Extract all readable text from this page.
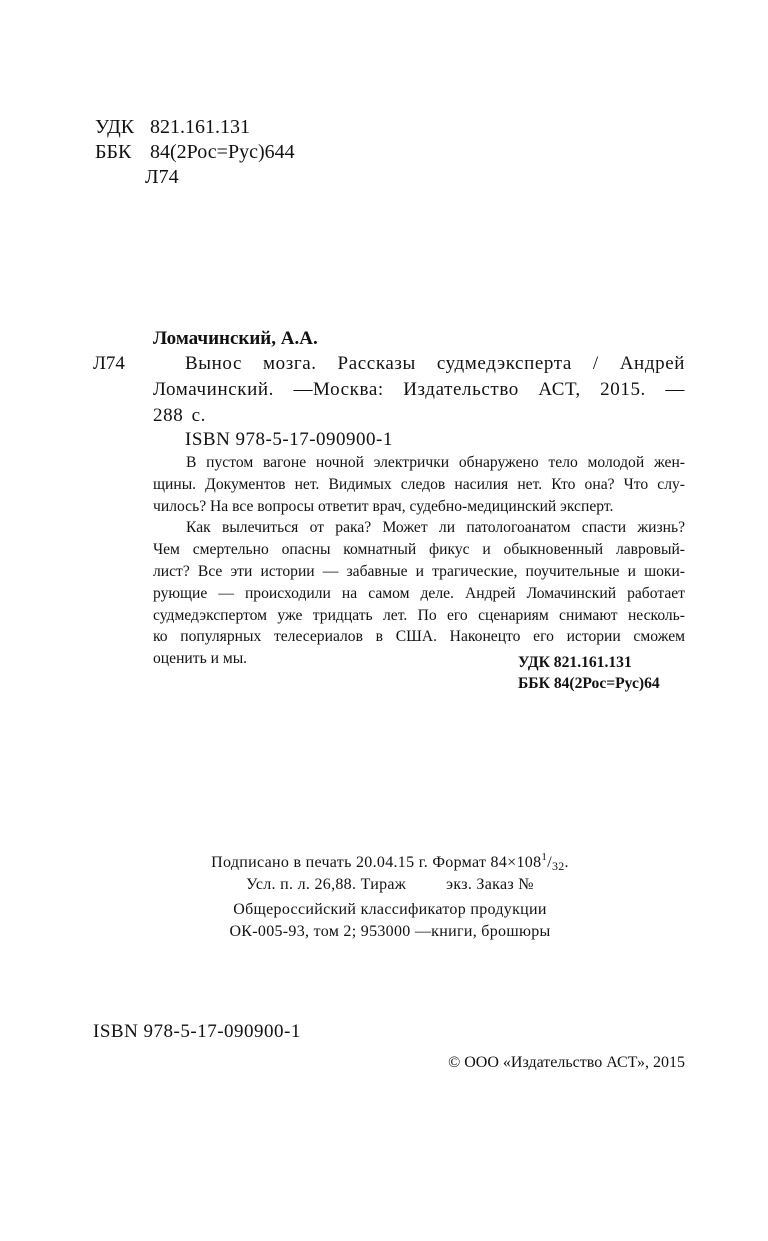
УДК 821.161.131
ББК 84(2Рос=Рус)644
Л74
Ломачинский, А.А.
Л74	Вынос мозга. Рассказы судмедэксперта / Андрей
Ломачинский. —Москва: Издательство АСТ, 2015. —
288 с.
ISBN 978-5-17-090900-1
В пустом вагоне ночной электрички обнаружено тело молодой жен-
щины. Документов нет. Видимых следов насилия нет. Кто она? Что слу-
чилось? На все вопросы ответит врач, судебно-медицинский эксперт.
Как вылечиться от рака? Может ли патологоанатом спасти жизнь?
Чем смертельно опасны комнатный фикус и обыкновенный лавровый-
лист? Все эти истории — забавные и трагические, поучительные и шоки-
рующие — происходили на самом деле. Андрей Ломачинский работает
судмедэкспертом уже тридцать лет. По его сценариям снимают несколь-
ко популярных телесериалов в США. Наконецто его истории сможем
оценить и мы.	УДК 821.161.131
ББК 84(2Рос=Рус)64
Подписано в печать 20.04.15 г. Формат $84\times 108^1/_{32}$.
Усл. п. л. 26,88. Тираж	экз. Заказ №
Общероссийский классификатор продукции
ОК-005-93, том 2; 953000 —книги, брошюры
ISBN 978-5-17-090900-1
© ООО «Издательство АСТ», 2015
